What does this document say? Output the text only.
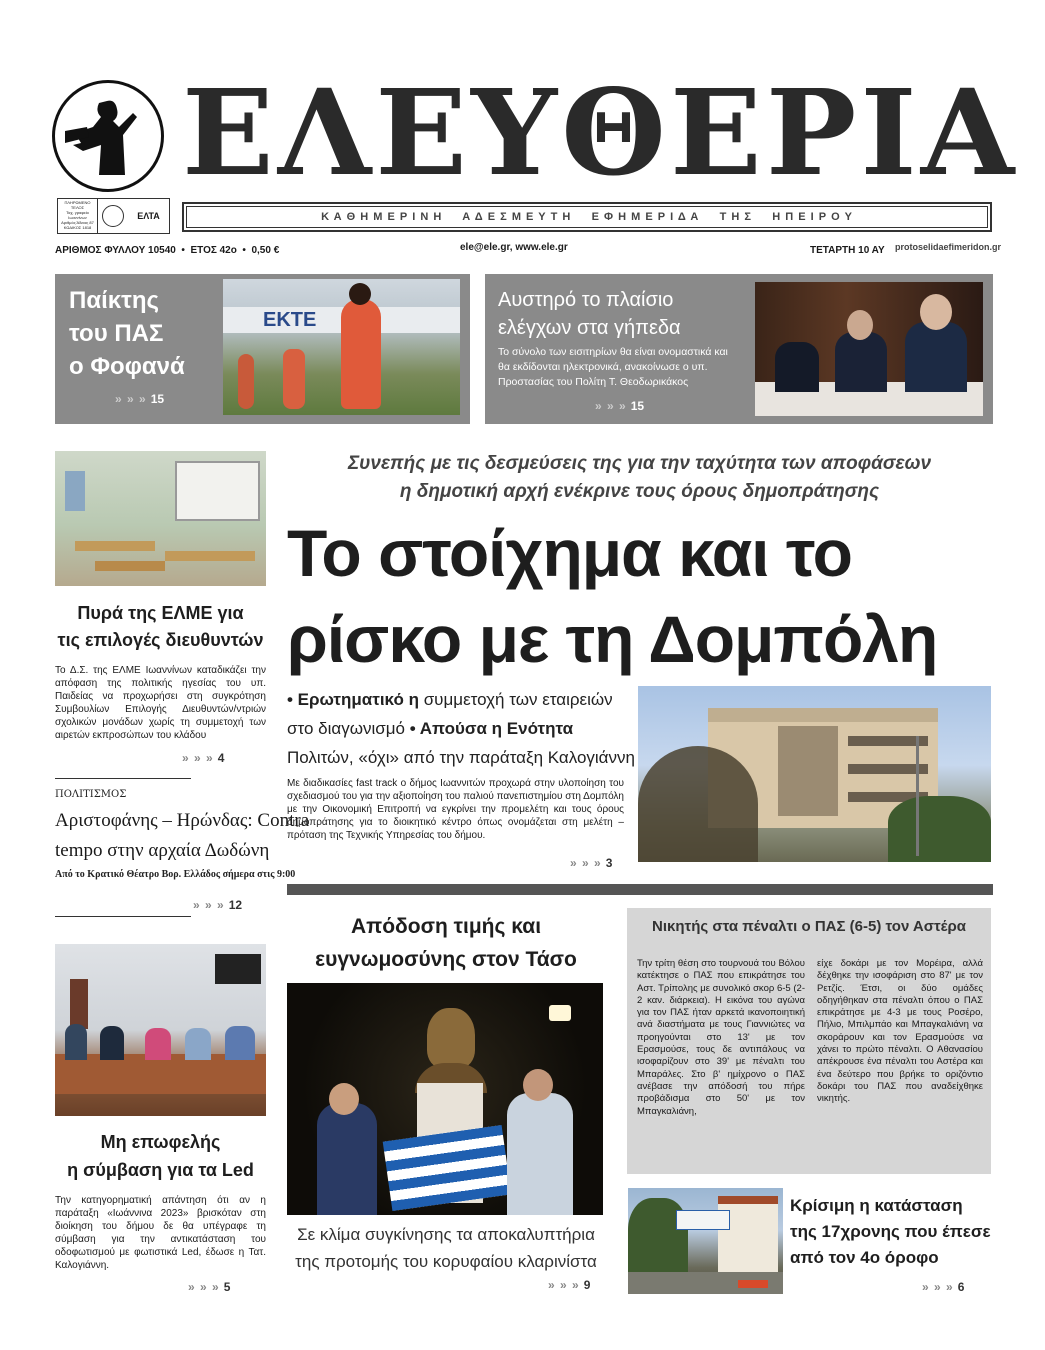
ΕΛΕΥΘΕΡΙΑ
ΠΛΗΡΩΜΕΝΟ
ΤΕΛΟΣ
Ταχ. γραφείο
Ιωαννίνων
Αριθμός Άδειας 87
ΚΩΔΙΚΟΣ 1818
ΕΛΤΑ	Κ Α Θ Η Μ Ε Ρ Ι Ν Η     Α Δ Ε Σ Μ Ε Υ Τ Η     Ε Φ Η Μ Ε Ρ Ι Δ Α     Τ Η Σ     Η Π Ε Ι Ρ Ο Υ
ΑΡΙΘΜΟΣ ΦΥΛΛΟΥ 10540  •  ΕΤΟΣ 42ο  •  0,50 €	ele@ele.gr, www.ele.gr	ΤΕΤΑΡΤΗ 10 ΑΥ protoselidaefimeridon.gr
Παίκτης
του ΠΑΣ
ο Φοφανά
» » » 15
ΕΚΤΕ
Αυστηρό το πλαίσιο
ελέγχων στα γήπεδα
Το σύνολο των εισιτηρίων θα είναι ονομαστικά και θα εκδίδονται ηλεκτρονικά, ανακοίνωσε ο υπ. Προστασίας του Πολίτη Τ. Θεοδωρικάκος
» » » 15
Πυρά της ΕΛΜΕ για
τις επιλογές διευθυντών
Το Δ.Σ. της ΕΛΜΕ Ιωαννίνων καταδικάζει την απόφαση της πολιτικής ηγεσίας του υπ. Παιδείας να προχωρήσει στη συγκρότηση Συμβουλίων Επιλογής Διευθυντών/ντριών σχολικών μονάδων χωρίς τη συμμετοχή των αιρετών εκπροσώπων του κλάδου
» » » 4
ΠΟΛΙΤΙΣΜΟΣ
Αριστοφάνης – Ηρώνδας: Contra
tempo στην αρχαία Δωδώνη
Από το Κρατικό Θέατρο Βορ. Ελλάδος σήμερα στις 9:00
» » » 12
Μη επωφελής
η σύμβαση για τα Led
Την κατηγορηματική απάντηση ότι αν η παράταξη «Ιωάννινα 2023» βρισκόταν στη διοίκηση του δήμου δε θα υπέγραφε τη σύμβαση για την αντικατάσταση του οδοφωτισμού με φωτιστικά Led, έδωσε η Τατ. Καλογιάννη.
» » » 5
Συνεπής με τις δεσμεύσεις της για την ταχύτητα των αποφάσεων
η δημοτική αρχή ενέκρινε τους όρους δημοπράτησης
Το στοίχημα και το
ρίσκο με τη Δομπόλη
• Ερωτηματικό η συμμετοχή των εταιρειών
στο διαγωνισμό • Απούσα η Ενότητα
Πολιτών, «όχι» από την παράταξη Καλογιάννη
Με διαδικασίες fast track ο δήμος Ιωαννιτών προχωρά στην υλοποίηση του σχεδιασμού του για την αξιοποίηση του παλιού πανεπιστημίου στη Δομπόλη με την Οικονομική Επιτροπή να εγκρίνει την προμελέτη και τους όρους δημοπράτησης για το διοικητικό κέντρο όπως ονομάζεται στη μελέτη – πρόταση της Τεχνικής Υπηρεσίας του δήμου.
» » » 3
Απόδοση τιμής και
ευγνωμοσύνης στον Τάσο
Σε κλίμα συγκίνησης τα αποκαλυπτήρια
της προτομής του κορυφαίου κλαρινίστα
» » » 9
Νικητής στα πέναλτι ο ΠΑΣ (6-5) τον Αστέρα
Την τρίτη θέση στο τουρνουά του Βόλου κατέκτησε ο ΠΑΣ που επικράτησε του Αστ. Τρίπολης με συνολικό σκορ 6-5 (2-2 καν. διάρκεια). Η εικόνα του αγώνα για τον ΠΑΣ ήταν αρκετά ικανοποιητική ανά διαστήματα με τους Γιαννιώτες να προηγούνται στο 13' με τον Ερασμούσε, τους δε αντιπάλους να ισοφαρίζουν στο 39' με πέναλτι του Μπαράλες. Στο β' ημίχρονο ο ΠΑΣ ανέβασε την απόδοσή του πήρε προβάδισμα στο 50' με τον Μπαγκαλιάνη,
είχε δοκάρι με τον Μορέιρα, αλλά δέχθηκε την ισοφάριση στο 87' με τον Ρετζίς. Έτσι, οι δύο ομάδες οδηγήθηκαν στα πέναλτι όπου ο ΠΑΣ επικράτησε με 4-3 με τους Ροσέρο, Πήλιο, Μπιλμπάο και Μπαγκαλιάνη να σκοράρουν και τον Ερασμούσε να χάνει το πρώτο πέναλτι. Ο Αθανασίου απέκρουσε ένα πέναλτι του Αστέρα και ένα δεύτερο που βρήκε το οριζόντιο δοκάρι του ΠΑΣ που αναδείχθηκε νικητής.
Κρίσιμη η κατάσταση
της 17χρονης που έπεσε
από τον 4ο όροφο
» » » 6
